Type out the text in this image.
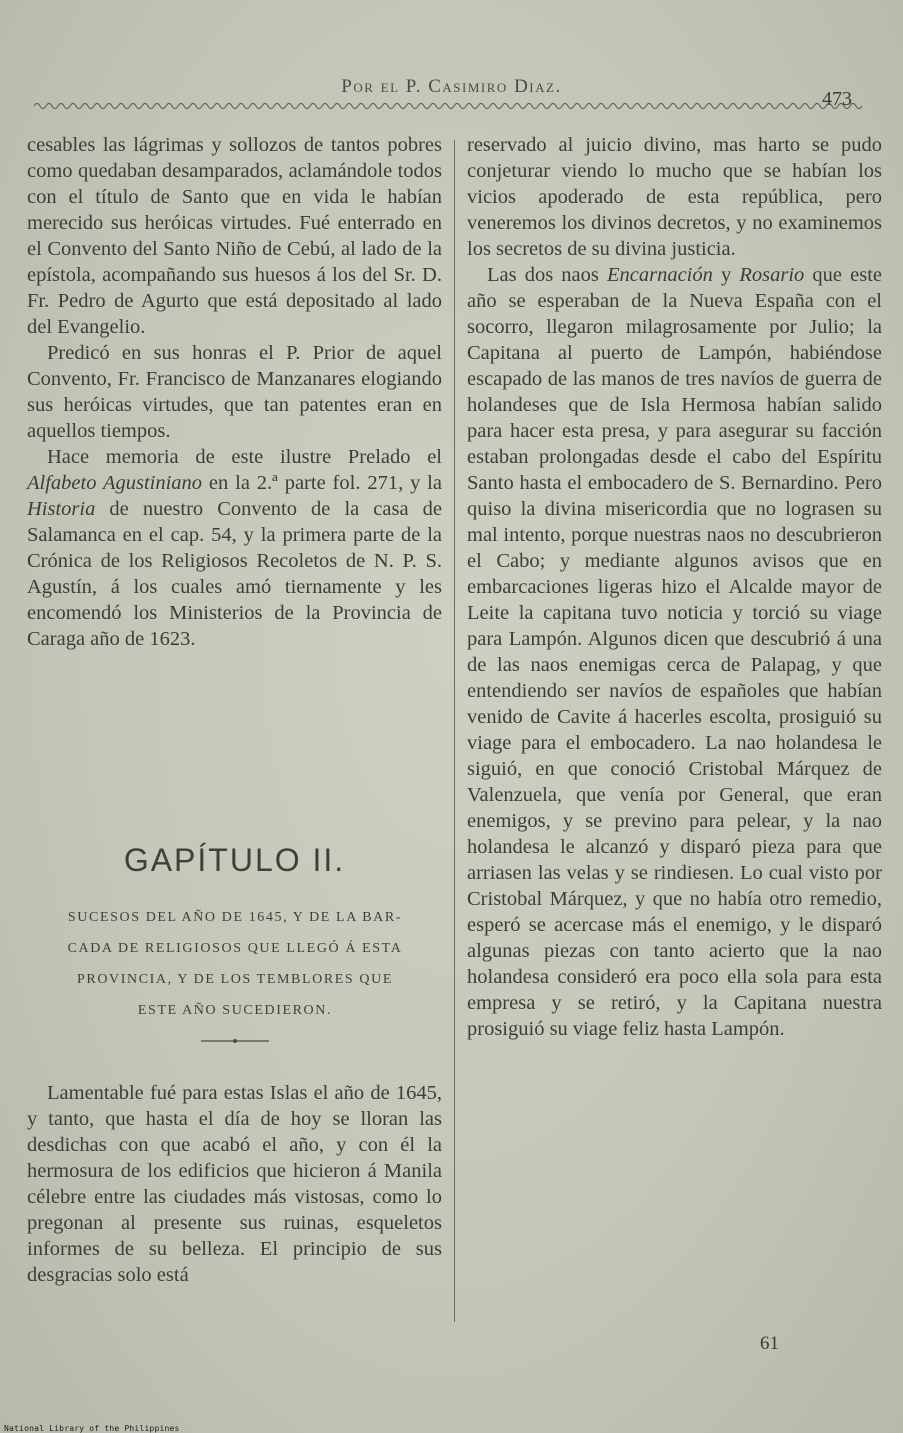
Por el P. Casimiro Diaz.
473

cesables las lágrimas y sollozos de tantos pobres como quedaban desamparados, aclamándole todos con el título de Santo que en vida le habían merecido sus heróicas virtudes. Fué enterrado en el Convento del Santo Niño de Cebú, al lado de la epístola, acompañando sus huesos á los del Sr. D. Fr. Pedro de Agurto que está depositado al lado del Evangelio.

Predicó en sus honras el P. Prior de aquel Convento, Fr. Francisco de Manzanares elogiando sus heróicas virtudes, que tan patentes eran en aquellos tiempos.

Hace memoria de este ilustre Prelado el Alfabeto Agustiniano en la 2.ª parte fol. 271, y la Historia de nuestro Convento de la casa de Salamanca en el cap. 54, y la primera parte de la Crónica de los Religiosos Recoletos de N. P. S. Agustín, á los cuales amó tiernamente y les encomendó los Ministerios de la Provincia de Caraga año de 1623.

GAPÍTULO II.
SUCESOS DEL AÑO DE 1645, Y DE LA BAR-
CADA DE RELIGIOSOS QUE LLEGÓ Á ESTA
PROVINCIA, Y DE LOS TEMBLORES QUE
ESTE AÑO SUCEDIERON.

Lamentable fué para estas Islas el año de 1645, y tanto, que hasta el día de hoy se lloran las desdichas con que acabó el año, y con él la hermosura de los edificios que hicieron á Manila célebre entre las ciudades más vistosas, como lo pregonan al presente sus ruinas, esqueletos informes de su belleza. El principio de sus desgracias solo está

reservado al juicio divino, mas harto se pudo conjeturar viendo lo mucho que se habían los vicios apoderado de esta república, pero veneremos los divinos decretos, y no examinemos los secretos de su divina justicia.

Las dos naos Encarnación y Rosario que este año se esperaban de la Nueva España con el socorro, llegaron milagrosamente por Julio; la Capitana al puerto de Lampón, habiéndose escapado de las manos de tres navíos de guerra de holandeses que de Isla Hermosa habían salido para hacer esta presa, y para asegurar su facción estaban prolongadas desde el cabo del Espíritu Santo hasta el embocadero de S. Bernardino. Pero quiso la divina misericordia que no lograsen su mal intento, porque nuestras naos no descubrieron el Cabo; y mediante algunos avisos que en embarcaciones ligeras hizo el Alcalde mayor de Leite la capitana tuvo noticia y torció su viage para Lampón. Algunos dicen que descubrió á una de las naos enemigas cerca de Palapag, y que entendiendo ser navíos de españoles que habían venido de Cavite á hacerles escolta, prosiguió su viage para el embocadero. La nao holandesa le siguió, en que conoció Cristobal Márquez de Valenzuela, que venía por General, que eran enemigos, y se previno para pelear, y la nao holandesa le alcanzó y disparó pieza para que arriasen las velas y se rindiesen. Lo cual visto por Cristobal Márquez, y que no había otro remedio, esperó se acercase más el enemigo, y le disparó algunas piezas con tanto acierto que la nao holandesa consideró era poco ella sola para esta empresa y se retiró, y la Capitana nuestra prosiguió su viage feliz hasta Lampón.

61
National Library of the Philippines
